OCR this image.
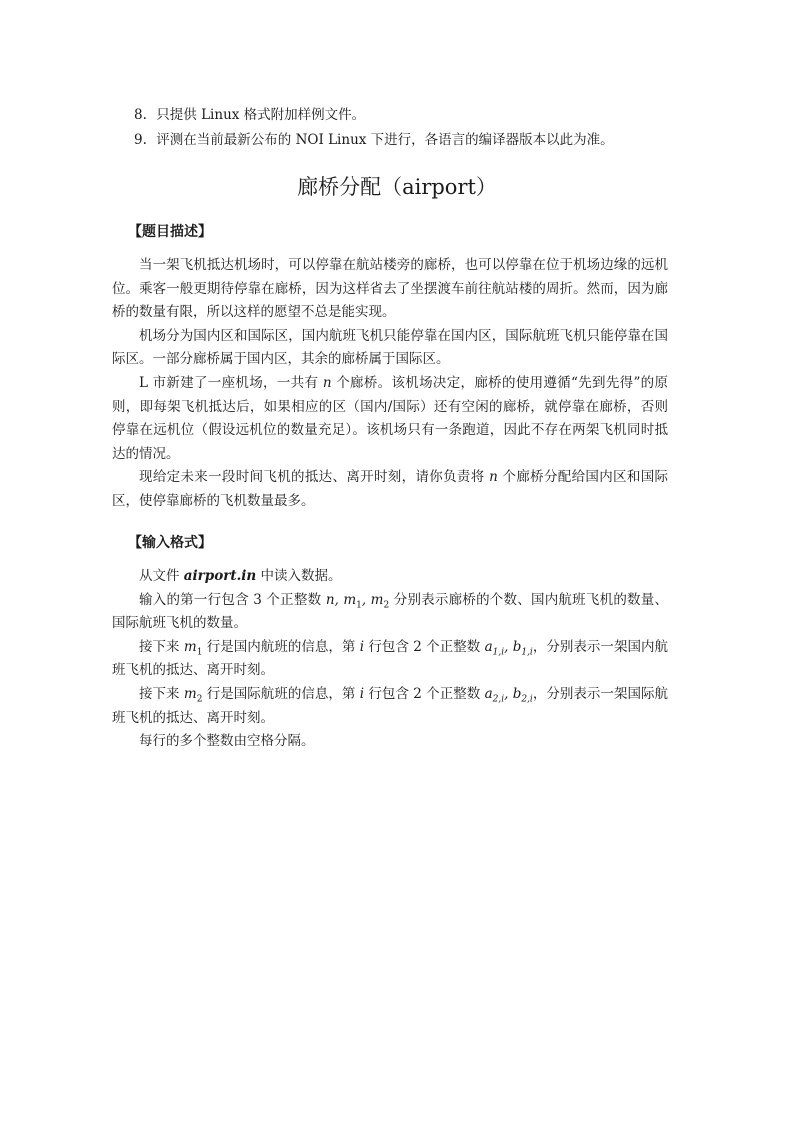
8. 只提供 Linux 格式附加样例文件。
9. 评测在当前最新公布的 NOI Linux 下进行，各语言的编译器版本以此为准。
廊桥分配（airport）
【题目描述】

当一架飞机抵达机场时，可以停靠在航站楼旁的廊桥，也可以停靠在位于机场边缘的远机位。乘客一般更期待停靠在廊桥，因为这样省去了坐摆渡车前往航站楼的周折。然而，因为廊桥的数量有限，所以这样的愿望不总是能实现。

机场分为国内区和国际区，国内航班飞机只能停靠在国内区，国际航班飞机只能停靠在国际区。一部分廊桥属于国内区，其余的廊桥属于国际区。

L 市新建了一座机场，一共有 n 个廊桥。该机场决定，廊桥的使用遵循“先到先得”的原则，即每架飞机抵达后，如果相应的区（国内/国际）还有空闲的廊桥，就停靠在廊桥，否则停靠在远机位（假设远机位的数量充足）。该机场只有一条跑道，因此不存在两架飞机同时抵达的情况。

现给定未来一段时间飞机的抵达、离开时刻，请你负责将 n 个廊桥分配给国内区和国际区，使停靠廊桥的飞机数量最多。

【输入格式】

从文件 airport.in 中读入数据。

输入的第一行包含 3 个正整数 n, $m_1$, $m_2$ 分别表示廊桥的个数、国内航班飞机的数量、国际航班飞机的数量。

接下来 $m_1$ 行是国内航班的信息，第 i 行包含 2 个正整数 $a_{1,i}$, $b_{1,i}$，分别表示一架国内航班飞机的抵达、离开时刻。

接下来 $m_2$ 行是国际航班的信息，第 i 行包含 2 个正整数 $a_{2,i}$, $b_{2,i}$，分别表示一架国际航班飞机的抵达、离开时刻。

每行的多个整数由空格分隔。
